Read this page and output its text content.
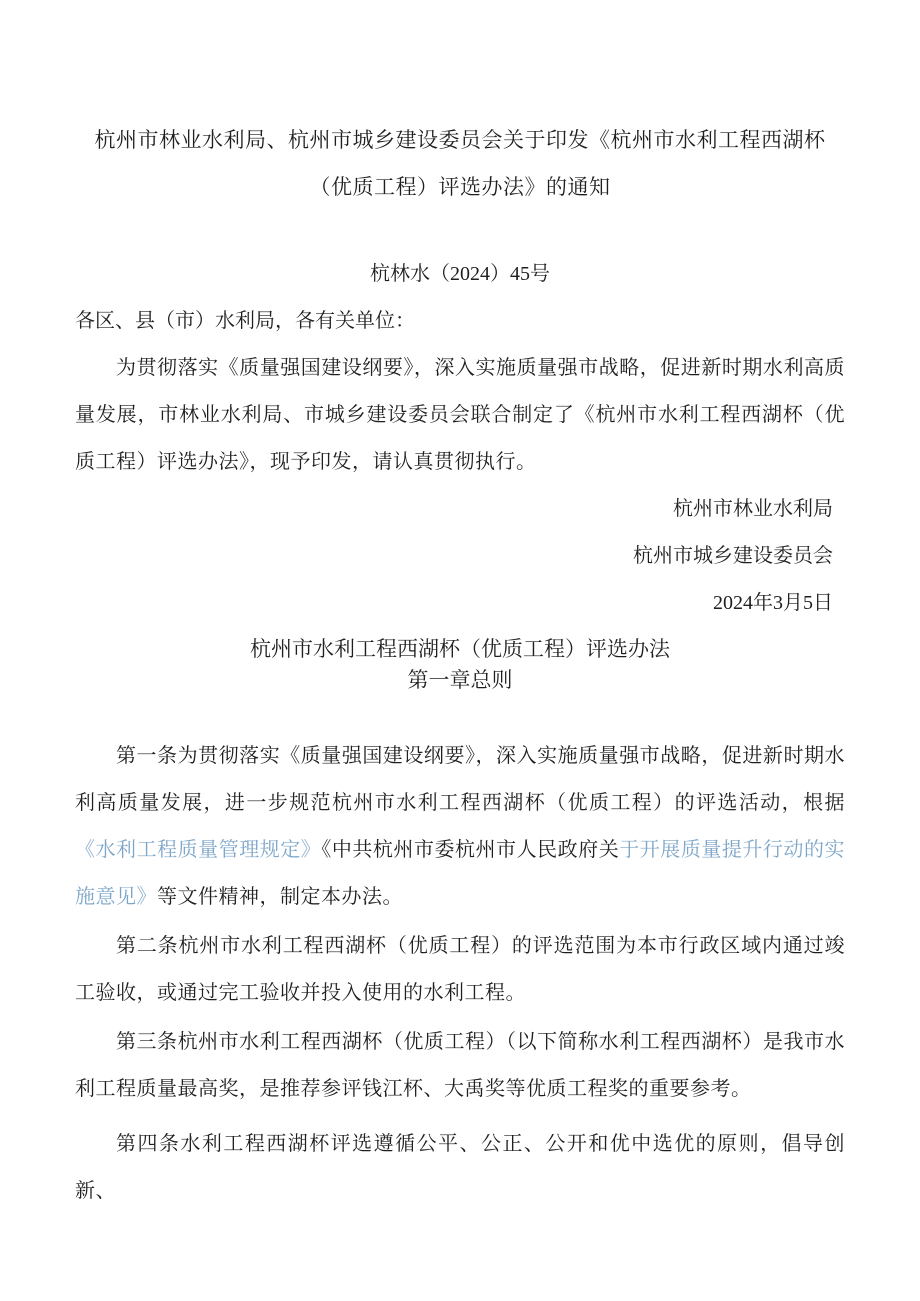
杭州市林业水利局、杭州市城乡建设委员会关于印发《杭州市水利工程西湖杯（优质工程）评选办法》的通知
杭林水（2024）45号
各区、县（市）水利局，各有关单位：

为贯彻落实《质量强国建设纲要》，深入实施质量强市战略，促进新时期水利高质量发展，市林业水利局、市城乡建设委员会联合制定了《杭州市水利工程西湖杯（优质工程）评选办法》，现予印发，请认真贯彻执行。

杭州市林业水利局
杭州市城乡建设委员会
2024年3月5日
杭州市水利工程西湖杯（优质工程）评选办法
第一章总则

第一条为贯彻落实《质量强国建设纲要》，深入实施质量强市战略，促进新时期水利高质量发展，进一步规范杭州市水利工程西湖杯（优质工程）的评选活动，根据《水利工程质量管理规定》《中共杭州市委杭州市人民政府关于开展质量提升行动的实施意见》等文件精神，制定本办法。

第二条杭州市水利工程西湖杯（优质工程）的评选范围为本市行政区域内通过竣工验收，或通过完工验收并投入使用的水利工程。

第三条杭州市水利工程西湖杯（优质工程）（以下简称水利工程西湖杯）是我市水利工程质量最高奖，是推荐参评钱江杯、大禹奖等优质工程奖的重要参考。

第四条水利工程西湖杯评选遵循公平、公正、公开和优中选优的原则，倡导创新、
